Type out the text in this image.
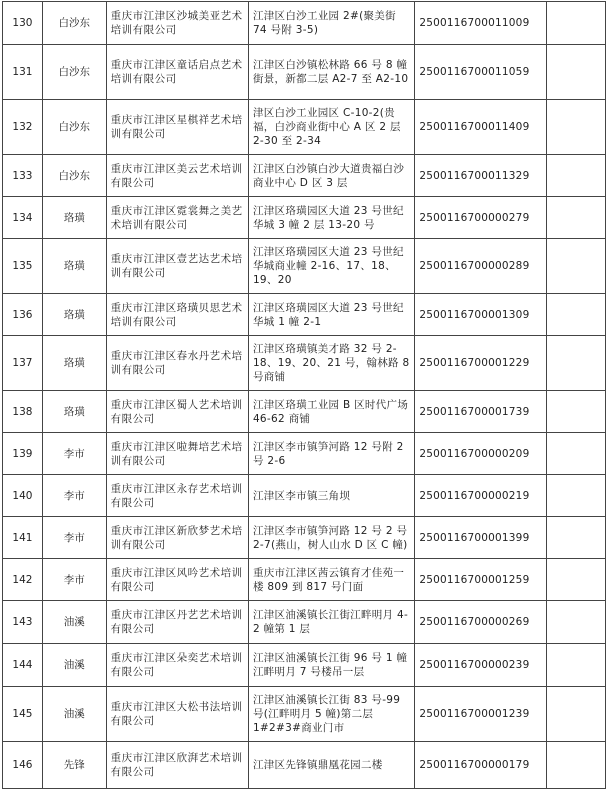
130	白沙东	重庆市江津区沙城美亚艺术培训有限公司	江津区白沙工业园 2#(聚美街 74 号附 3-5)	2500116700011009	
131	白沙东	重庆市江津区童话启点艺术培训有限公司	江津区白沙镇松林路 66 号 8 幢街景，新都二层 A2-7 至 A2-10	2500116700011059	
132	白沙东	重庆市江津区星棋祥艺术培训有限公司	津区白沙工业园区 C-10-2(贵福，白沙商业街中心 A 区 2 层 2-30 至 2-34	2500116700011409	
133	白沙东	重庆市江津区美云艺术培训有限公司	江津区白沙镇白沙大道贵福白沙商业中心 D 区 3 层	2500116700011329	
134	珞璜	重庆市江津区霓裳舞之美艺术培训有限公司	江津区珞璜园区大道 23 号世纪华城 3 幢 2 层 13-20 号	2500116700000279	
135	珞璜	重庆市江津区壹艺达艺术培训有限公司	江津区珞璜园区大道 23 号世纪华城商业幢 2-16、17、18、19、20	2500116700000289	
136	珞璜	重庆市江津区珞璜贝思艺术培训有限公司	江津区珞璜园区大道 23 号世纪华城 1 幢 2-1	2500116700001309	
137	珞璜	重庆市江津区春水丹艺术培训有限公司	江津区珞璜镇美才路 32 号 2-18、19、20、21 号，翰林路 8 号商铺	2500116700001229	
138	珞璜	重庆市江津区蜀人艺术培训有限公司	江津区珞璜工业园 B 区时代广场 46-62 商铺	2500116700001739	
139	李市	重庆市江津区啦舞培艺术培训有限公司	江津区李市镇笋河路 12 号附 2 号 2-6	2500116700000209	
140	李市	重庆市江津区永存艺术培训有限公司	江津区李市镇三角坝	2500116700000219	
141	李市	重庆市江津区新欣梦艺术培训有限公司	江津区李市镇笋河路 12 号 2 号 2-7(燕山，树人山水 D 区 C 幢)	2500116700001399	
142	李市	重庆市江津区风吟艺术培训有限公司	重庆市江津区茜云镇育才佳苑一楼 809 到 817 号门面	2500116700001259	
143	油溪	重庆市江津区丹艺艺术培训有限公司	江津区油溪镇长江街江畔明月 4-2 幢第 1 层	2500116700000269	
144	油溪	重庆市江津区朵奕艺术培训有限公司	江津区油溪镇长江街 96 号 1 幢江畔明月 7 号楼吊一层	2500116700000239	
145	油溪	重庆市江津区大松书法培训有限公司	江津区油溪镇长江街 83 号-99 号(江畔明月 5 幢)第二层 1#2#3#商业门市	2500116700001239	
146	先锋	重庆市江津区欣湃艺术培训有限公司	江津区先锋镇鼎凰花园二楼	2500116700000179	
